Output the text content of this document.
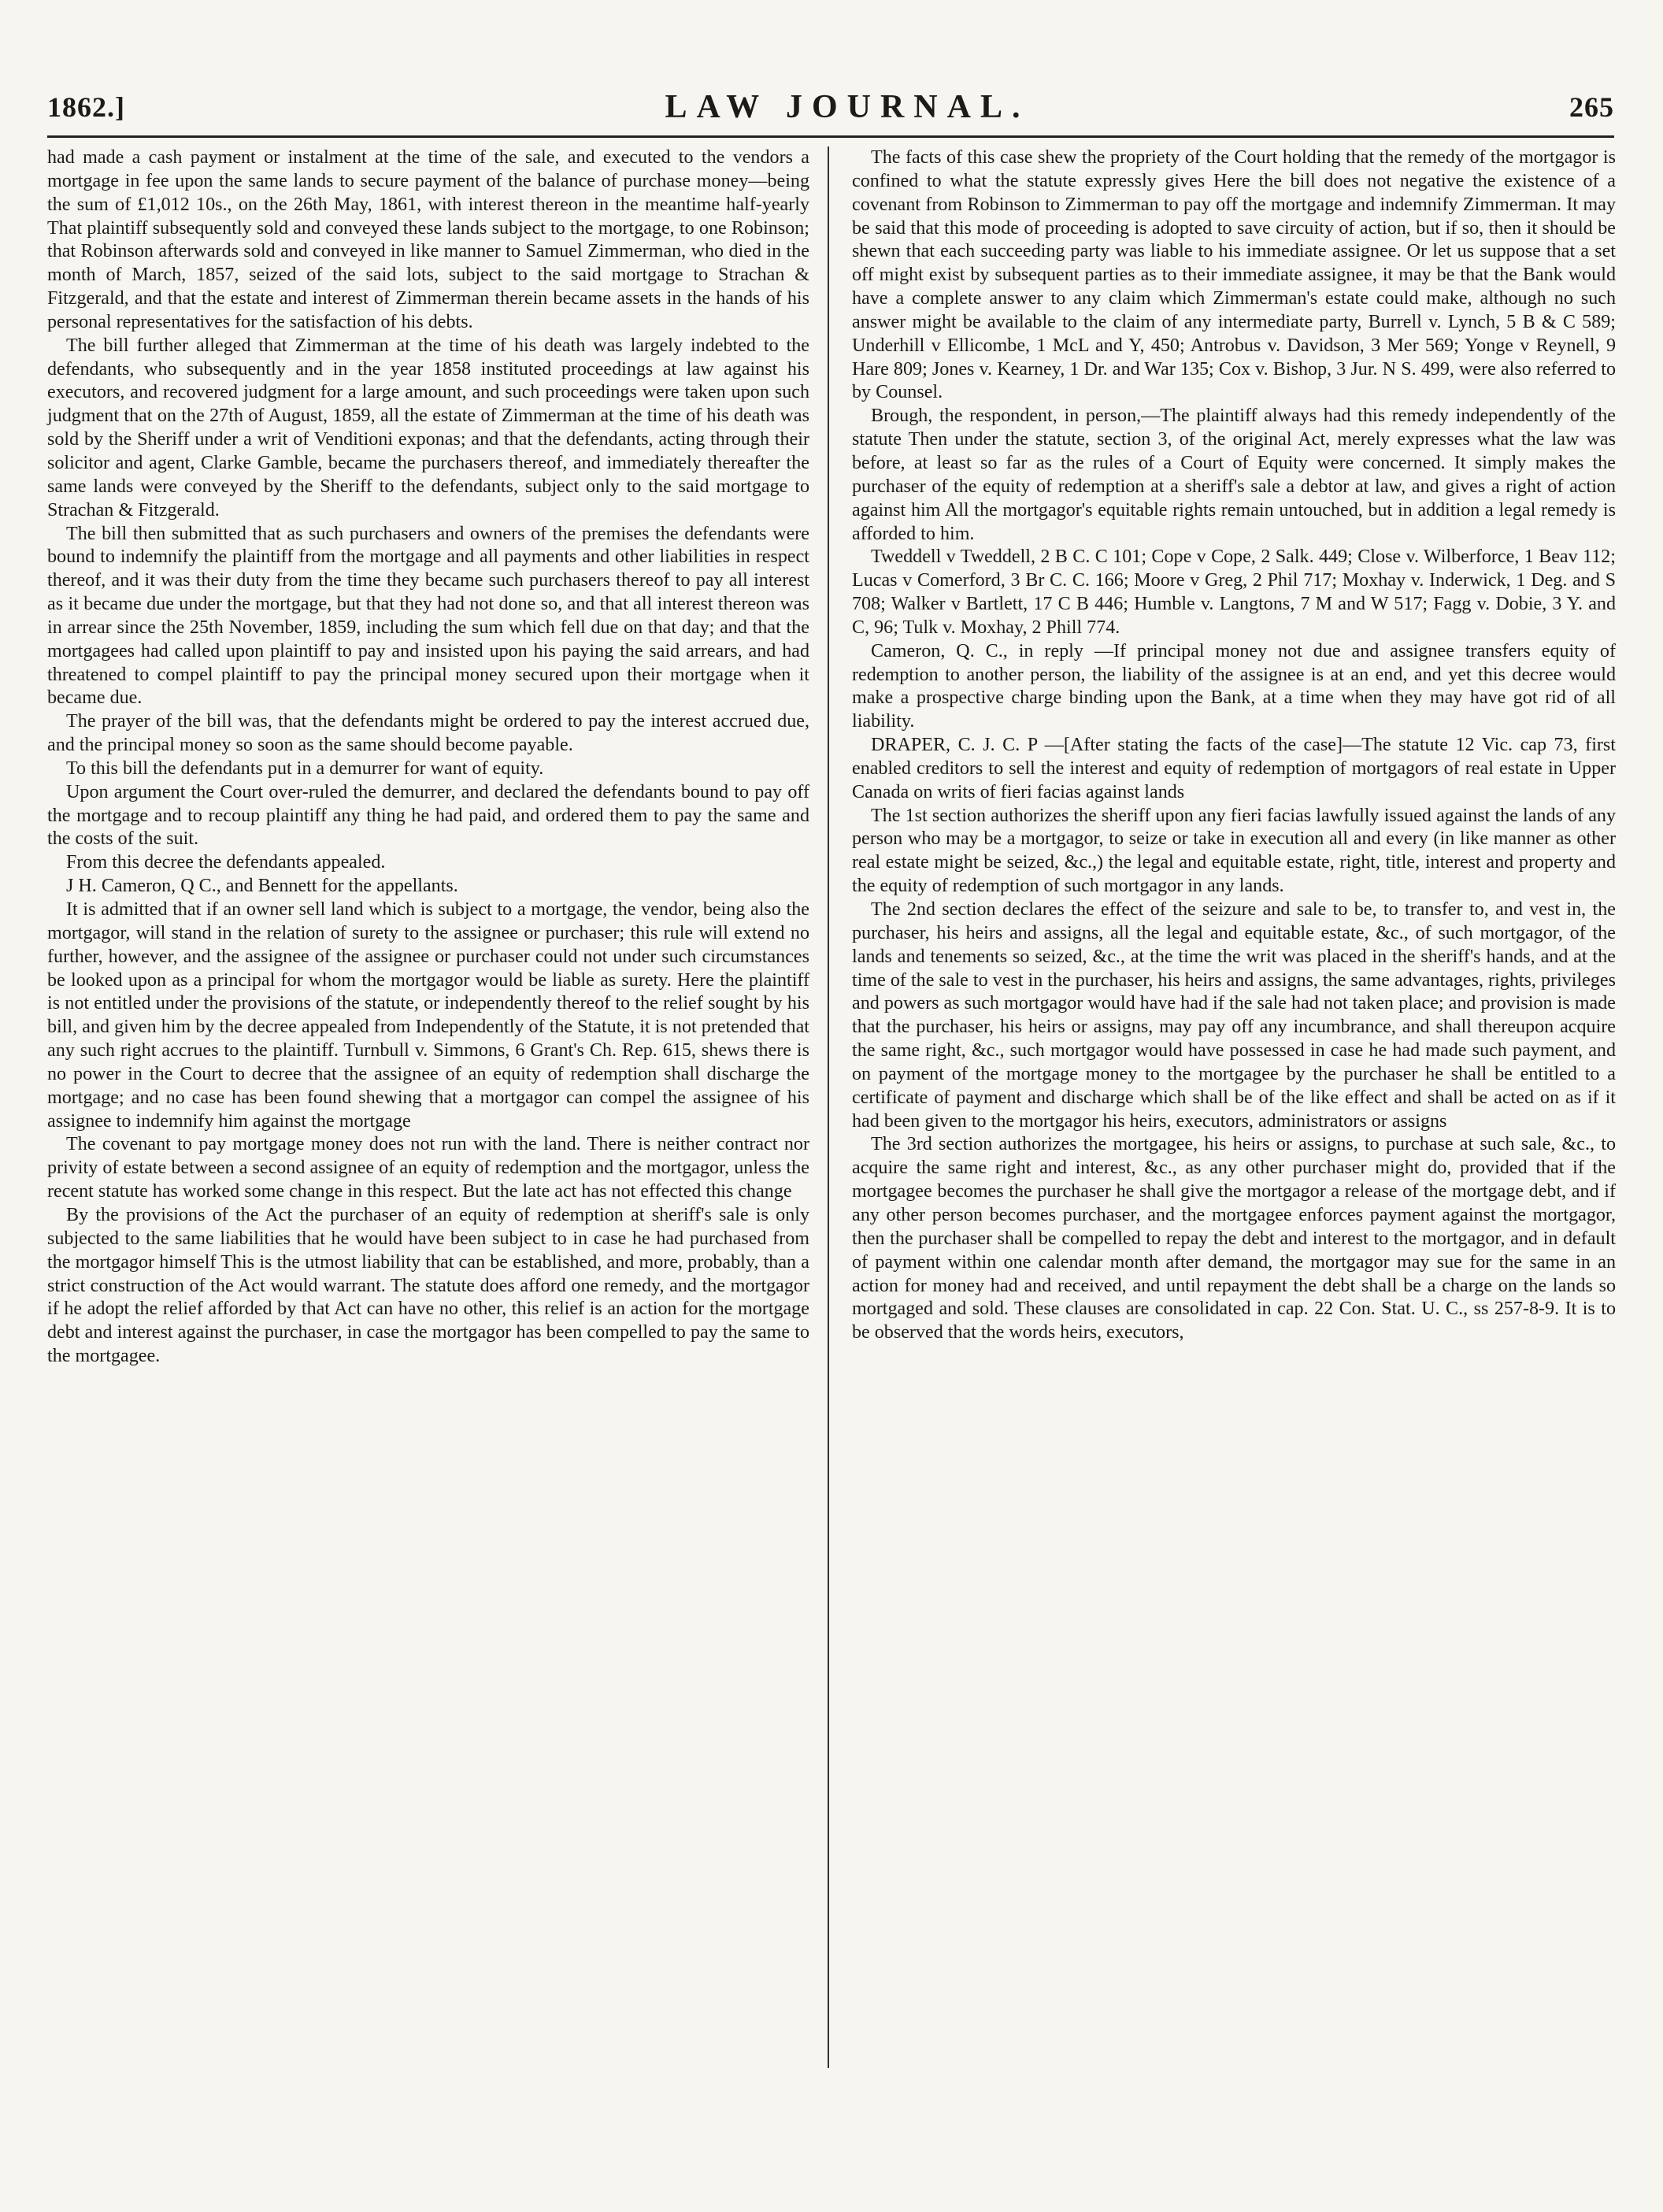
1862.]	LAW JOURNAL.	265

had made a cash payment or instalment at the time of the sale, and executed to the vendors a mortgage in fee upon the same lands to secure payment of the balance of purchase money—being the sum of £1,012 10s., on the 26th May, 1861, with interest thereon in the meantime half-yearly That plaintiff subsequently sold and conveyed these lands subject to the mortgage, to one Robinson; that Robinson afterwards sold and conveyed in like manner to Samuel Zimmerman, who died in the month of March, 1857, seized of the said lots, subject to the said mortgage to Strachan & Fitzgerald, and that the estate and interest of Zimmerman therein became assets in the hands of his personal representatives for the satisfaction of his debts.

The bill further alleged that Zimmerman at the time of his death was largely indebted to the defendants, who subsequently and in the year 1858 instituted proceedings at law against his executors, and recovered judgment for a large amount, and such proceedings were taken upon such judgment that on the 27th of August, 1859, all the estate of Zimmerman at the time of his death was sold by the Sheriff under a writ of Venditioni exponas; and that the defendants, acting through their solicitor and agent, Clarke Gamble, became the purchasers thereof, and immediately thereafter the same lands were conveyed by the Sheriff to the defendants, subject only to the said mortgage to Strachan & Fitzgerald.

The bill then submitted that as such purchasers and owners of the premises the defendants were bound to indemnify the plaintiff from the mortgage and all payments and other liabilities in respect thereof, and it was their duty from the time they became such purchasers thereof to pay all interest as it became due under the mortgage, but that they had not done so, and that all interest thereon was in arrear since the 25th November, 1859, including the sum which fell due on that day; and that the mortgagees had called upon plaintiff to pay and insisted upon his paying the said arrears, and had threatened to compel plaintiff to pay the principal money secured upon their mortgage when it became due.

The prayer of the bill was, that the defendants might be ordered to pay the interest accrued due, and the principal money so soon as the same should become payable.

To this bill the defendants put in a demurrer for want of equity.

Upon argument the Court over-ruled the demurrer, and declared the defendants bound to pay off the mortgage and to recoup plaintiff any thing he had paid, and ordered them to pay the same and the costs of the suit.

From this decree the defendants appealed.

J H. Cameron, Q C., and Bennett for the appellants.

It is admitted that if an owner sell land which is subject to a mortgage, the vendor, being also the mortgagor, will stand in the relation of surety to the assignee or purchaser; this rule will extend no further, however, and the assignee of the assignee or purchaser could not under such circumstances be looked upon as a principal for whom the mortgagor would be liable as surety. Here the plaintiff is not entitled under the provisions of the statute, or independently thereof to the relief sought by his bill, and given him by the decree appealed from Independently of the Statute, it is not pretended that any such right accrues to the plaintiff. Turnbull v. Simmons, 6 Grant's Ch. Rep. 615, shews there is no power in the Court to decree that the assignee of an equity of redemption shall discharge the mortgage; and no case has been found shewing that a mortgagor can compel the assignee of his assignee to indemnify him against the mortgage

The covenant to pay mortgage money does not run with the land. There is neither contract nor privity of estate between a second assignee of an equity of redemption and the mortgagor, unless the recent statute has worked some change in this respect. But the late act has not effected this change

By the provisions of the Act the purchaser of an equity of redemption at sheriff's sale is only subjected to the same liabilities that he would have been subject to in case he had purchased from the mortgagor himself This is the utmost liability that can be established, and more, probably, than a strict construction of the Act would warrant. The statute does afford one remedy, and the mortgagor if he adopt the relief afforded by that Act can have no other, this relief is an action for the mortgage debt and interest against the purchaser, in case the mortgagor has been compelled to pay the same to the mortgagee.

The facts of this case shew the propriety of the Court holding that the remedy of the mortgagor is confined to what the statute expressly gives Here the bill does not negative the existence of a covenant from Robinson to Zimmerman to pay off the mortgage and indemnify Zimmerman. It may be said that this mode of proceeding is adopted to save circuity of action, but if so, then it should be shewn that each succeeding party was liable to his immediate assignee. Or let us suppose that a set off might exist by subsequent parties as to their immediate assignee, it may be that the Bank would have a complete answer to any claim which Zimmerman's estate could make, although no such answer might be available to the claim of any intermediate party, Burrell v. Lynch, 5 B & C 589; Underhill v Ellicombe, 1 McL and Y, 450; Antrobus v. Davidson, 3 Mer 569; Yonge v Reynell, 9 Hare 809; Jones v. Kearney, 1 Dr. and War 135; Cox v. Bishop, 3 Jur. N S. 499, were also referred to by Counsel.

Brough, the respondent, in person,—The plaintiff always had this remedy independently of the statute Then under the statute, section 3, of the original Act, merely expresses what the law was before, at least so far as the rules of a Court of Equity were concerned. It simply makes the purchaser of the equity of redemption at a sheriff's sale a debtor at law, and gives a right of action against him All the mortgagor's equitable rights remain untouched, but in addition a legal remedy is afforded to him.

Tweddell v Tweddell, 2 B C. C 101; Cope v Cope, 2 Salk. 449; Close v. Wilberforce, 1 Beav 112; Lucas v Comerford, 3 Br C. C. 166; Moore v Greg, 2 Phil 717; Moxhay v. Inderwick, 1 Deg. and S 708; Walker v Bartlett, 17 C B 446; Humble v. Langtons, 7 M and W 517; Fagg v. Dobie, 3 Y. and C, 96; Tulk v. Moxhay, 2 Phill 774.

Cameron, Q. C., in reply —If principal money not due and assignee transfers equity of redemption to another person, the liability of the assignee is at an end, and yet this decree would make a prospective charge binding upon the Bank, at a time when they may have got rid of all liability.

DRAPER, C. J. C. P —[After stating the facts of the case]—The statute 12 Vic. cap 73, first enabled creditors to sell the interest and equity of redemption of mortgagors of real estate in Upper Canada on writs of fieri facias against lands

The 1st section authorizes the sheriff upon any fieri facias lawfully issued against the lands of any person who may be a mortgagor, to seize or take in execution all and every (in like manner as other real estate might be seized, &c.,) the legal and equitable estate, right, title, interest and property and the equity of redemption of such mortgagor in any lands.

The 2nd section declares the effect of the seizure and sale to be, to transfer to, and vest in, the purchaser, his heirs and assigns, all the legal and equitable estate, &c., of such mortgagor, of the lands and tenements so seized, &c., at the time the writ was placed in the sheriff's hands, and at the time of the sale to vest in the purchaser, his heirs and assigns, the same advantages, rights, privileges and powers as such mortgagor would have had if the sale had not taken place; and provision is made that the purchaser, his heirs or assigns, may pay off any incumbrance, and shall thereupon acquire the same right, &c., such mortgagor would have possessed in case he had made such payment, and on payment of the mortgage money to the mortgagee by the purchaser he shall be entitled to a certificate of payment and discharge which shall be of the like effect and shall be acted on as if it had been given to the mortgagor his heirs, executors, administrators or assigns

The 3rd section authorizes the mortgagee, his heirs or assigns, to purchase at such sale, &c., to acquire the same right and interest, &c., as any other purchaser might do, provided that if the mortgagee becomes the purchaser he shall give the mortgagor a release of the mortgage debt, and if any other person becomes purchaser, and the mortgagee enforces payment against the mortgagor, then the purchaser shall be compelled to repay the debt and interest to the mortgagor, and in default of payment within one calendar month after demand, the mortgagor may sue for the same in an action for money had and received, and until repayment the debt shall be a charge on the lands so mortgaged and sold. These clauses are consolidated in cap. 22 Con. Stat. U. C., ss 257-8-9. It is to be observed that the words heirs, executors,
